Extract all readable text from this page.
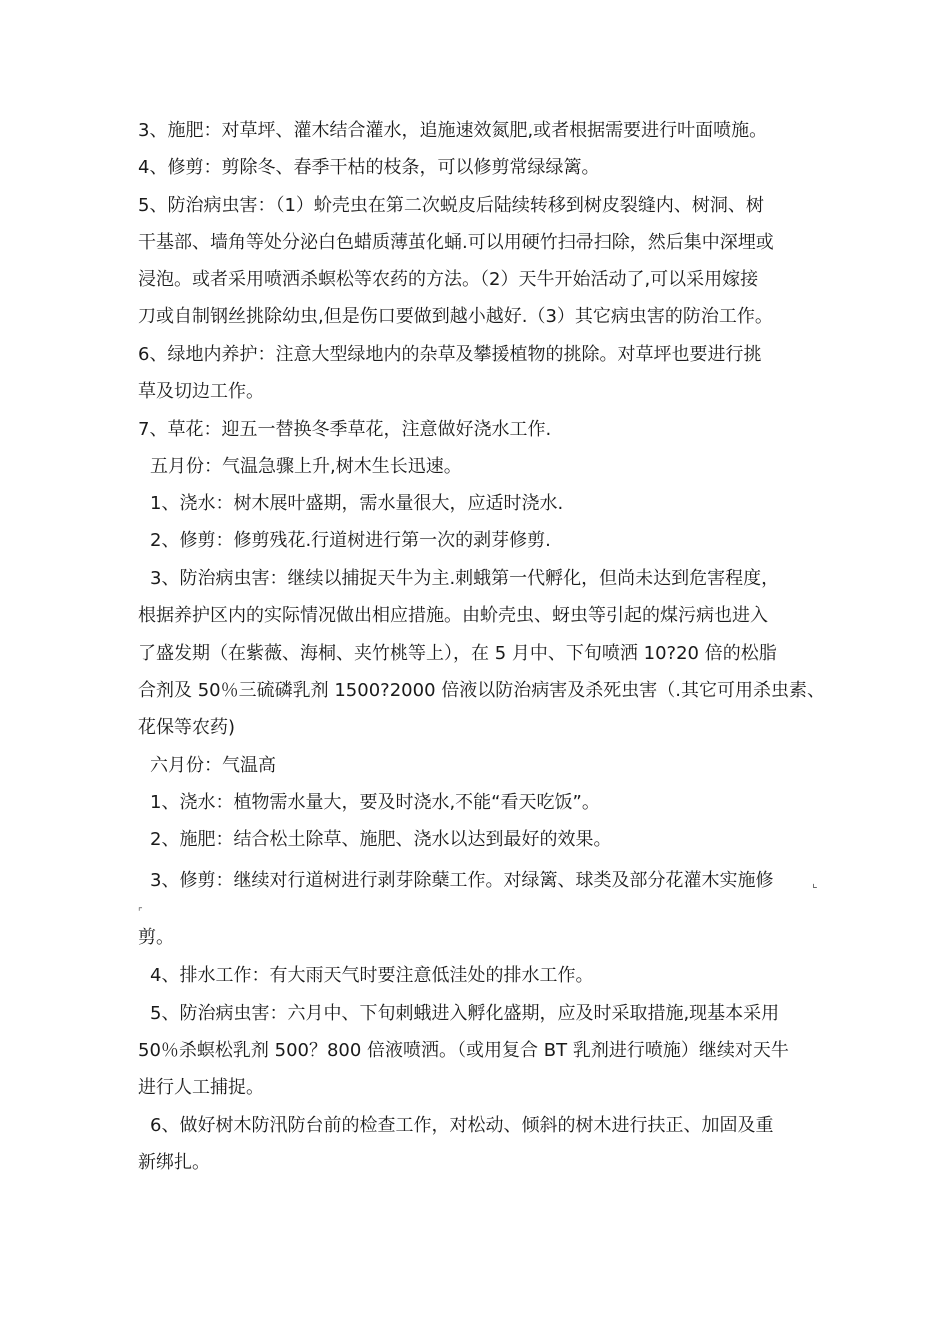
3、施肥：对草坪、灌木结合灌水，追施速效氮肥,或者根据需要进行叶面喷施。
4、修剪：剪除冬、春季干枯的枝条，可以修剪常绿绿篱。
5、防治病虫害：（1）蚧壳虫在第二次蜕皮后陆续转移到树皮裂缝内、树洞、树
干基部、墙角等处分泌白色蜡质薄茧化蛹.可以用硬竹扫帚扫除，然后集中深埋或
浸泡。或者采用喷洒杀螟松等农药的方法。（2）天牛开始活动了,可以采用嫁接
刀或自制钢丝挑除幼虫,但是伤口要做到越小越好.（3）其它病虫害的防治工作。
6、绿地内养护：注意大型绿地内的杂草及攀援植物的挑除。对草坪也要进行挑
草及切边工作。
7、草花：迎五一替换冬季草花，注意做好浇水工作.
五月份：气温急骤上升,树木生长迅速。
1、浇水：树木展叶盛期，需水量很大，应适时浇水.
2、修剪：修剪残花.行道树进行第一次的剥芽修剪.
3、防治病虫害：继续以捕捉天牛为主.刺蛾第一代孵化，但尚未达到危害程度，
根据养护区内的实际情况做出相应措施。由蚧壳虫、蚜虫等引起的煤污病也进入
了盛发期（在紫薇、海桐、夹竹桃等上），在 5 月中、下旬喷洒 10?20 倍的松脂
合剂及 50％三硫磷乳剂 1500?2000 倍液以防治病害及杀死虫害（.其它可用杀虫素、
花保等农药)
六月份：气温高
1、浇水：植物需水量大，要及时浇水,不能“看天吃饭”。
2、施肥：结合松土除草、施肥、浇水以达到最好的效果。
3、修剪：继续对行道树进行剥芽除蘖工作。对绿篱、球类及部分花灌木实施修
剪。
4、排水工作：有大雨天气时要注意低洼处的排水工作。
5、防治病虫害：六月中、下旬刺蛾进入孵化盛期，应及时采取措施,现基本采用
50％杀螟松乳剂 500？800 倍液喷洒。（或用复合 BT 乳剂进行喷施）继续对天牛
进行人工捕捉。
6、做好树木防汛防台前的检查工作，对松动、倾斜的树木进行扶正、加固及重
新绑扎。
⌞
⌜
